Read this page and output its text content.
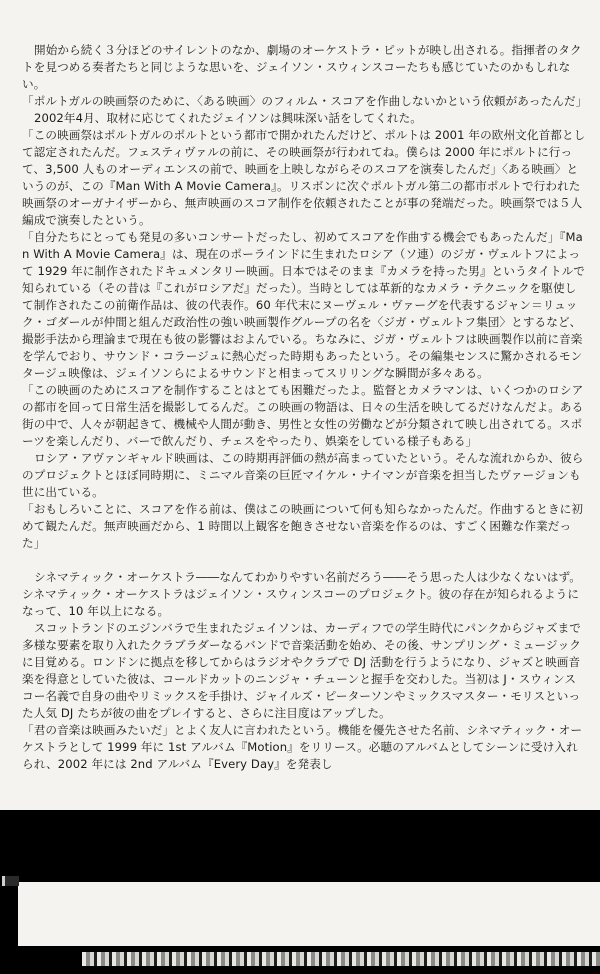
開始から続く３分ほどのサイレントのなか、劇場のオーケストラ・ピットが映し出される。指揮者のタクトを見つめる奏者たちと同じような思いを、ジェイソン・スウィンスコーたちも感じていたのかもしれない。

「ポルトガルの映画祭のために、〈ある映画〉のフィルム・スコアを作曲しないかという依頼があったんだ」

2002年4月、取材に応じてくれたジェイソンは興味深い話をしてくれた。

「この映画祭はポルトガルのポルトという都市で開かれたんだけど、ポルトは 2001 年の欧州文化首都として認定されたんだ。フェスティヴァルの前に、その映画祭が行われてね。僕らは 2000 年にポルトに行って、3,500 人ものオーディエンスの前で、映画を上映しながらそのスコアを演奏したんだ」〈ある映画〉というのが、この『Man With A Movie Camera』。リスボンに次ぐポルトガル第二の都市ポルトで行われた映画祭のオーガナイザーから、無声映画のスコア制作を依頼されたことが事の発端だった。映画祭では５人編成で演奏したという。

「自分たちにとっても発見の多いコンサートだったし、初めてスコアを作曲する機会でもあったんだ」『Man With A Movie Camera』は、現在のポーラインドに生まれたロシア（ソ連）のジガ・ヴェルトフによって 1929 年に制作されたドキュメンタリー映画。日本ではそのまま『カメラを持った男』というタイトルで知られている（その昔は『これがロシアだ』だった）。当時としては革新的なカメラ・テクニックを駆使して制作されたこの前衛作品は、彼の代表作。60 年代末にヌーヴェル・ヴァーグを代表するジャン＝リュック・ゴダールが仲間と組んだ政治性の強い映画製作グループの名を〈ジガ・ヴェルトフ集団〉とするなど、撮影手法から理論まで現在も彼の影響はおよんでいる。ちなみに、ジガ・ヴェルトフは映画製作以前に音楽を学んでおり、サウンド・コラージュに熱心だった時期もあったという。その編集センスに驚かされるモンタージュ映像は、ジェイソンらによるサウンドと相まってスリリングな瞬間が多々ある。

「この映画のためにスコアを制作することはとても困難だったよ。監督とカメラマンは、いくつかのロシアの都市を回って日常生活を撮影してるんだ。この映画の物語は、日々の生活を映してるだけなんだよ。ある街の中で、人々が朝起きて、機械や人間が動き、男性と女性の労働などが分類されて映し出されてる。スポーツを楽しんだり、バーで飲んだり、チェスをやったり、娯楽をしている様子もある」

ロシア・アヴァンギャルド映画は、この時期再評価の熱が高まっていたという。そんな流れからか、彼らのプロジェクトとほぼ同時期に、ミニマル音楽の巨匠マイケル・ナイマンが音楽を担当したヴァージョンも世に出ている。

「おもしろいことに、スコアを作る前は、僕はこの映画について何も知らなかったんだ。作曲するときに初めて観たんだ。無声映画だから、1 時間以上観客を飽きさせない音楽を作るのは、すごく困難な作業だった」

シネマティック・オーケストラ――なんてわかりやすい名前だろう――そう思った人は少なくないはず。シネマティック・オーケストラはジェイソン・スウィンスコーのプロジェクト。彼の存在が知られるようになって、10 年以上になる。

スコットランドのエジンバラで生まれたジェイソンは、カーディフでの学生時代にパンクからジャズまで多様な要素を取り入れたクラブラダーなるバンドで音楽活動を始め、その後、サンプリング・ミュージックに目覚める。ロンドンに拠点を移してからはラジオやクラブで DJ 活動を行うようになり、ジャズと映画音楽を得意としていた彼は、コールドカットのニンジャ・チューンと握手を交わした。当初は J・スウィンスコー名義で自身の曲やリミックスを手掛け、ジャイルズ・ピーターソンやミックスマスター・モリスといった人気 DJ たちが彼の曲をプレイすると、さらに注目度はアップした。

「君の音楽は映画みたいだ」とよく友人に言われたという。機能を優先させた名前、シネマティック・オーケストラとして 1999 年に 1st アルバム『Motion』をリリース。必聴のアルバムとしてシーンに受け入れられ、2002 年には 2nd アルバム『Every Day』を発表し
